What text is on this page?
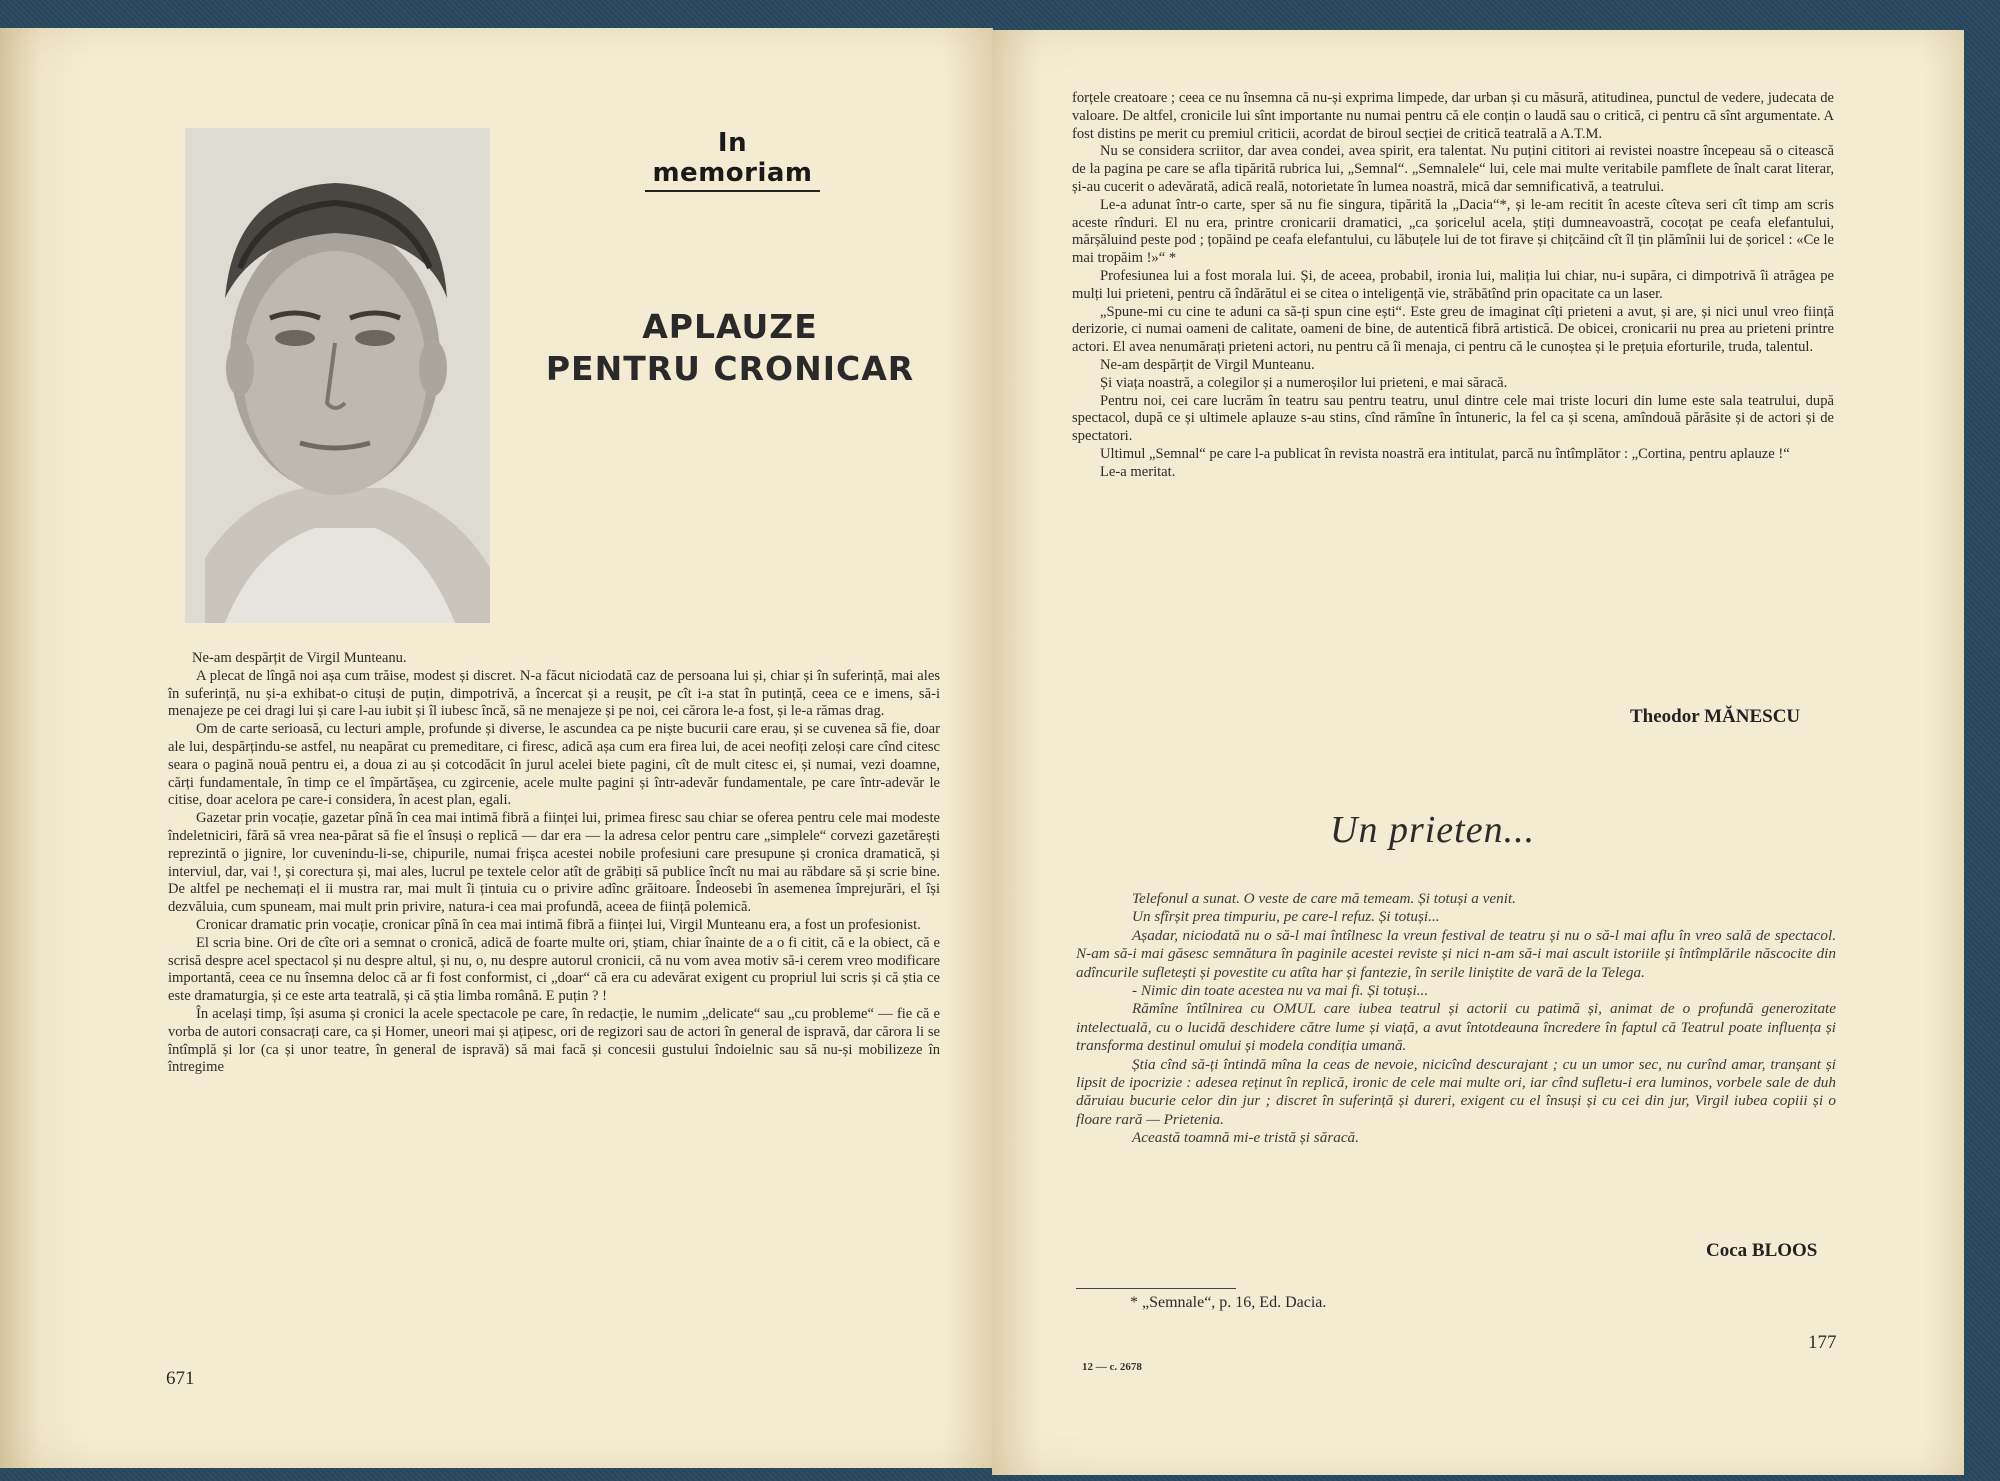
In memoriam
APLAUZE
PENTRU CRONICAR

Ne-am despărțit de Virgil Munteanu.

A plecat de lîngă noi așa cum trăise, modest și discret. N-a făcut niciodată caz de persoana lui și, chiar și în suferință, mai ales în suferință, nu și-a exhibat-o cituși de puțin, dimpotrivă, a încercat și a reușit, pe cît i-a stat în putință, ceea ce e imens, să-i menajeze pe cei dragi lui și care l-au iubit și îl iubesc încă, să ne menajeze și pe noi, cei cărora le-a fost, și le-a rămas drag.

Om de carte serioasă, cu lecturi ample, profunde și diverse, le ascundea ca pe niște bucurii care erau, și se cuvenea să fie, doar ale lui, despărțindu-se astfel, nu neapărat cu premeditare, ci firesc, adică așa cum era firea lui, de acei neofiți zeloși care cînd citesc seara o pagină nouă pentru ei, a doua zi au și cotcodăcit în jurul acelei biete pagini, cît de mult citesc ei, și numai, vezi doamne, cărți fundamentale, în timp ce el împărtășea, cu zgircenie, acele multe pagini și într-adevăr fundamentale, pe care într-adevăr le citise, doar acelora pe care-i considera, în acest plan, egali.

Gazetar prin vocație, gazetar pînă în cea mai intimă fibră a ființei lui, primea firesc sau chiar se oferea pentru cele mai modeste îndeletniciri, fără să vrea nea-părat să fie el însuși o replică — dar era — la adresa celor pentru care „simplele“ corvezi gazetărești reprezintă o jignire, lor cuvenindu-li-se, chipurile, numai frișca acestei nobile profesiuni care presupune și cronica dramatică, și interviul, dar, vai !, și corectura și, mai ales, lucrul pe textele celor atît de grăbiți să publice încît nu mai au răbdare să și scrie bine. De altfel pe nechemați el ii mustra rar, mai mult îi țintuia cu o privire adînc grăitoare. Îndeosebi în asemenea împrejurări, el își dezvăluia, cum spuneam, mai mult prin privire, natura-i cea mai profundă, aceea de ființă polemică.

Cronicar dramatic prin vocație, cronicar pînă în cea mai intimă fibră a ființei lui, Virgil Munteanu era, a fost un profesionist.

El scria bine. Ori de cîte ori a semnat o cronică, adică de foarte multe ori, știam, chiar înainte de a o fi citit, că e la obiect, că e scrisă despre acel spectacol și nu despre altul, și nu, o, nu despre autorul cronicii, că nu vom avea motiv să-i cerem vreo modificare importantă, ceea ce nu însemna deloc că ar fi fost conformist, ci „doar“ că era cu adevărat exigent cu propriul lui scris și că știa ce este dramaturgia, și ce este arta teatrală, și că știa limba română. E puțin ? !

În același timp, își asuma și cronici la acele spectacole pe care, în redacție, le numim „delicate“ sau „cu probleme“ — fie că e vorba de autori consacrați care, ca și Homer, uneori mai și ațipesc, ori de regizori sau de actori în general de ispravă, dar cărora li se întîmplă și lor (ca și unor teatre, în general de ispravă) să mai facă și concesii gustului îndoielnic sau să nu-și mobilizeze în întregime

671

forțele creatoare ; ceea ce nu însemna că nu-și exprima limpede, dar urban și cu măsură, atitudinea, punctul de vedere, judecata de valoare. De altfel, cronicile lui sînt importante nu numai pentru că ele conțin o laudă sau o critică, ci pentru că sînt argumentate. A fost distins pe merit cu premiul criticii, acordat de biroul secției de critică teatrală a A.T.M.

Nu se considera scriitor, dar avea condei, avea spirit, era talentat. Nu puțini cititori ai revistei noastre începeau să o citească de la pagina pe care se afla tipărită rubrica lui, „Semnal“. „Semnalele“ lui, cele mai multe veritabile pamflete de înalt carat literar, și-au cucerit o adevărată, adică reală, notorietate în lumea noastră, mică dar semnificativă, a teatrului.

Le-a adunat într-o carte, sper să nu fie singura, tipărită la „Dacia“*, și le-am recitit în aceste cîteva seri cît timp am scris aceste rînduri. El nu era, printre cronicarii dramatici, „ca șoricelul acela, știți dumneavoastră, cocoțat pe ceafa elefantului, mărșăluind peste pod ; țopăind pe ceafa elefantului, cu lăbuțele lui de tot firave și chițcăind cît îl țin plămînii lui de șoricel : «Ce le mai tropăim !»“ *

Profesiunea lui a fost morala lui. Și, de aceea, probabil, ironia lui, maliția lui chiar, nu-i supăra, ci dimpotrivă îi atrăgea pe mulți lui prieteni, pentru că îndărătul ei se citea o inteligență vie, străbătînd prin opacitate ca un laser.

„Spune-mi cu cine te aduni ca să-ți spun cine ești“. Este greu de imaginat cîți prieteni a avut, și are, și nici unul vreo ființă derizorie, ci numai oameni de calitate, oameni de bine, de autentică fibră artistică. De obicei, cronicarii nu prea au prieteni printre actori. El avea nenumărați prieteni actori, nu pentru că îi menaja, ci pentru că le cunoștea și le prețuia eforturile, truda, talentul.

Ne-am despărțit de Virgil Munteanu.

Și viața noastră, a colegilor și a numeroșilor lui prieteni, e mai săracă.

Pentru noi, cei care lucrăm în teatru sau pentru teatru, unul dintre cele mai triste locuri din lume este sala teatrului, după spectacol, după ce și ultimele aplauze s-au stins, cînd rămîne în întuneric, la fel ca și scena, amîndouă părăsite și de actori și de spectatori.

Ultimul „Semnal“ pe care l-a publicat în revista noastră era intitulat, parcă nu întîmplător : „Cortina, pentru aplauze !“

Le-a meritat.

Theodor MĂNESCU
Un prieten...

Telefonul a sunat. O veste de care mă temeam. Și totuși a venit.

Un sfîrșit prea timpuriu, pe care-l refuz. Și totuși...

Așadar, niciodată nu o să-l mai întîlnesc la vreun festival de teatru și nu o să-l mai aflu în vreo sală de spectacol. N-am să-i mai găsesc semnătura în paginile acestei reviste și nici n-am să-i mai ascult istoriile și întîmplările născocite din adîncurile sufletești și povestite cu atîta har și fantezie, în serile liniștite de vară de la Telega.

- Nimic din toate acestea nu va mai fi. Și totuși...

Rămîne întîlnirea cu OMUL care iubea teatrul și actorii cu patimă și, animat de o profundă generozitate intelectuală, cu o lucidă deschidere către lume și viață, a avut întotdeauna încredere în faptul că Teatrul poate influența și transforma destinul omului și modela condiția umană.

Știa cînd să-ți întindă mîna la ceas de nevoie, nicicînd descurajant ; cu un umor sec, nu curînd amar, tranșant și lipsit de ipocrizie : adesea reținut în replică, ironic de cele mai multe ori, iar cînd sufletu-i era luminos, vorbele sale de duh dăruiau bucurie celor din jur ; discret în suferință și dureri, exigent cu el însuși și cu cei din jur, Virgil iubea copiii și o floare rară — Prietenia.

Această toamnă mi-e tristă și săracă.

Coca BLOOS
* „Semnale“, p. 16, Ed. Dacia.
12 — c. 2678
177
